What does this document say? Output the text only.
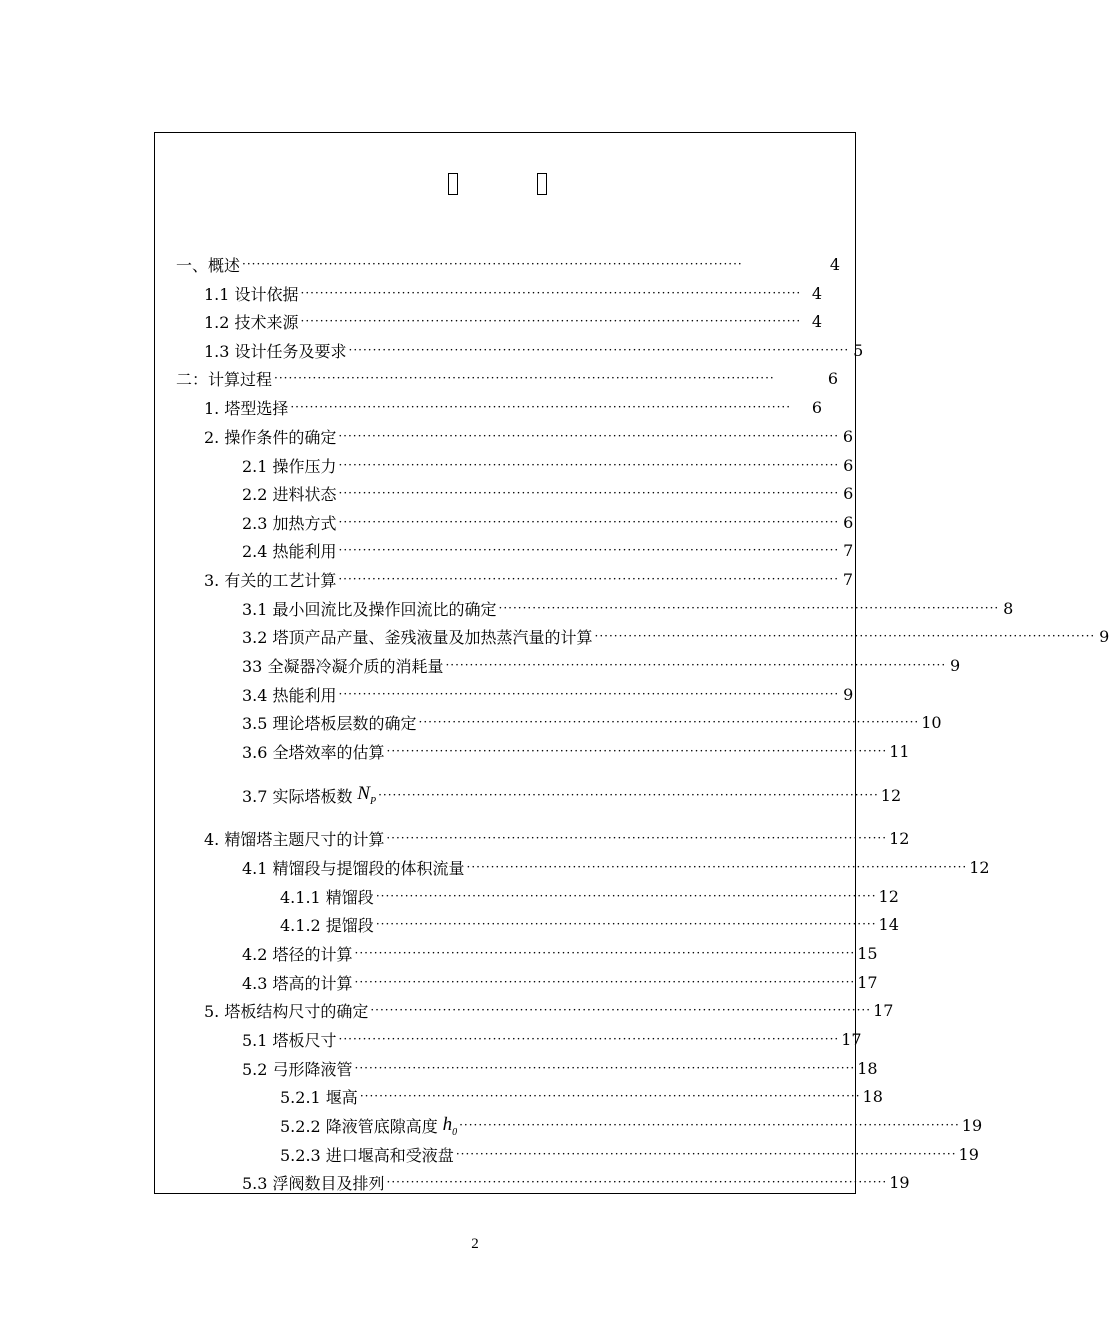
一、概述 ········································································································	4
1.1 设计依据 ········································································································ 4
1.2 技术来源 ········································································································ 4
1.3 设计任务及要求 ········································································································ 5
二：计算过程 ········································································································	6
1. 塔型选择 ········································································································	6
2. 操作条件的确定 ········································································································ 6
2.1 操作压力 ········································································································ 6
2.2 进料状态 ········································································································ 6
2.3 加热方式 ········································································································ 6
2.4 热能利用 ········································································································ 7
3. 有关的工艺计算 ········································································································ 7
3.1 最小回流比及操作回流比的确定 ········································································································ 8
3.2 塔顶产品产量、釜残液量及加热蒸汽量的计算 ········································································································ 9
33 全凝器冷凝介质的消耗量 ········································································································ 9
3.4 热能利用 ········································································································ 9
3.5 理论塔板层数的确定 ········································································································ 10
3.6 全塔效率的估算 ········································································································ 11
3.7 实际塔板数 $N_P$ ········································································································ 12
4. 精馏塔主题尺寸的计算 ········································································································ 12
4.1 精馏段与提馏段的体积流量 ········································································································ 12
4.1.1 精馏段 ········································································································ 12
4.1.2 提馏段 ········································································································ 14
4.2 塔径的计算 ········································································································ 15
4.3 塔高的计算 ········································································································ 17
5. 塔板结构尺寸的确定 ········································································································ 17
5.1 塔板尺寸 ········································································································ 17
5.2 弓形降液管 ········································································································ 18
5.2.1 堰高 ········································································································ 18
5.2.2 降液管底隙高度 $h_0$ ········································································································ 19
5.2.3 进口堰高和受液盘 ········································································································ 19
5.3 浮阀数目及排列 ········································································································ 19
2
